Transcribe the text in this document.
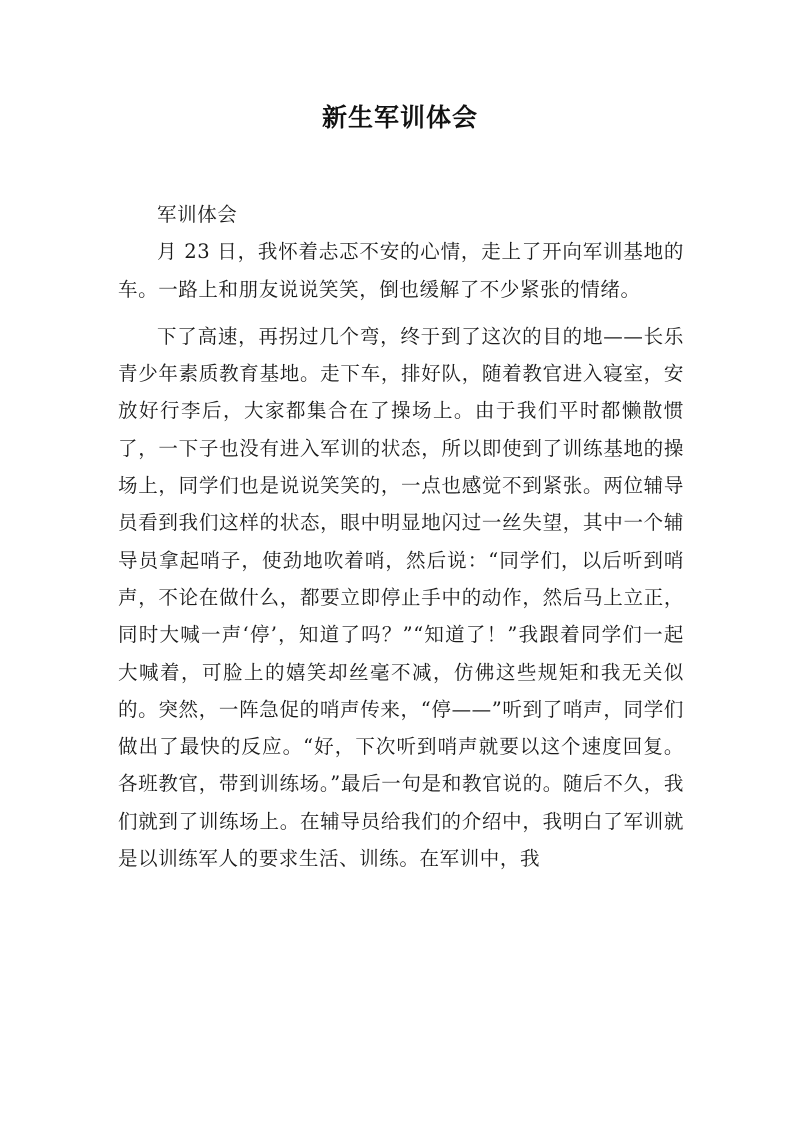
新生军训体会

军训体会

月 23 日，我怀着忐忑不安的心情，走上了开向军训基地的车。一路上和朋友说说笑笑，倒也缓解了不少紧张的情绪。

下了高速，再拐过几个弯，终于到了这次的目的地——长乐青少年素质教育基地。走下车，排好队，随着教官进入寝室，安放好行李后，大家都集合在了操场上。由于我们平时都懒散惯了，一下子也没有进入军训的状态，所以即使到了训练基地的操场上，同学们也是说说笑笑的，一点也感觉不到紧张。两位辅导员看到我们这样的状态，眼中明显地闪过一丝失望，其中一个辅导员拿起哨子，使劲地吹着哨，然后说：“同学们，以后听到哨声，不论在做什么，都要立即停止手中的动作，然后马上立正，同时大喊一声‘停’，知道了吗？”“知道了！”我跟着同学们一起大喊着，可脸上的嬉笑却丝毫不减，仿佛这些规矩和我无关似的。突然，一阵急促的哨声传来，“停——”听到了哨声，同学们做出了最快的反应。“好，下次听到哨声就要以这个速度回复。各班教官，带到训练场。”最后一句是和教官说的。随后不久，我们就到了训练场上。在辅导员给我们的介绍中，我明白了军训就是以训练军人的要求生活、训练。在军训中，我
